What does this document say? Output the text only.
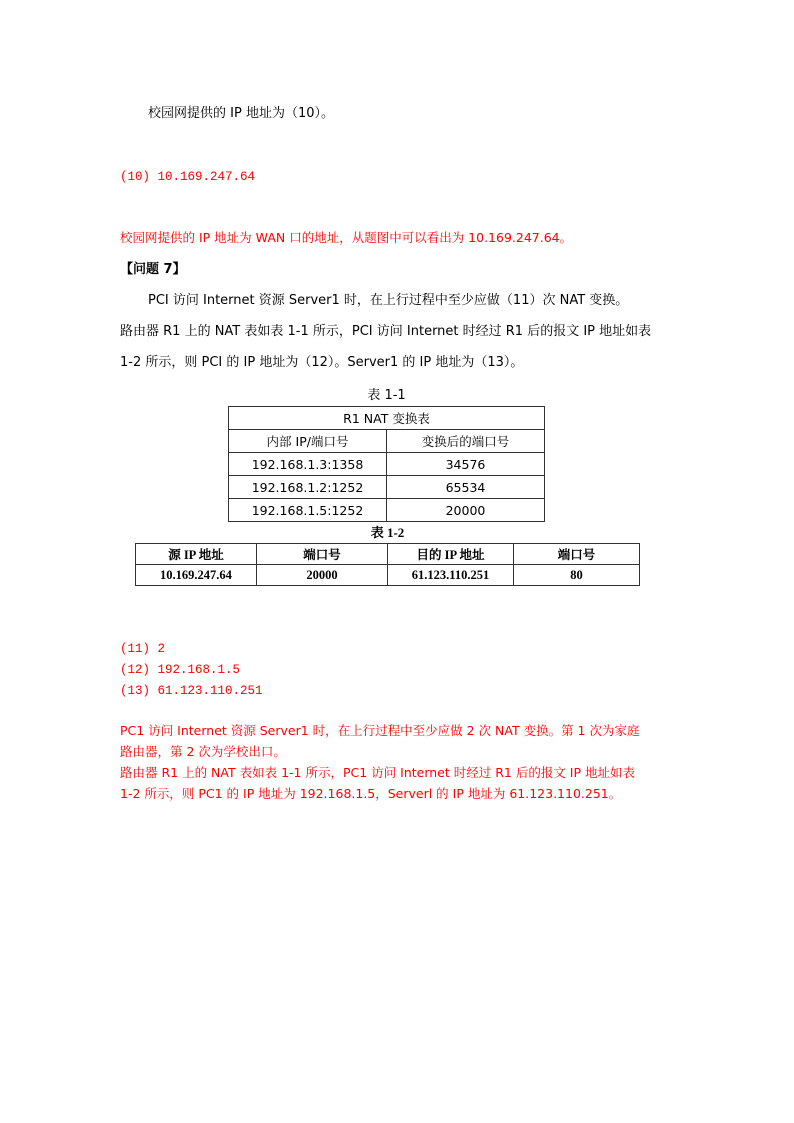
校园网提供的 IP 地址为（10）。
(10) 10.169.247.64
校园网提供的 IP 地址为 WAN 口的地址，从题图中可以看出为 10.169.247.64。
【问题 7】
PCI 访问 Internet 资源 Server1 时，在上行过程中至少应做（11）次 NAT 变换。
路由器 R1 上的 NAT 表如表 1-1 所示，PCI 访问 Internet 时经过 R1 后的报文 IP 地址如表
1-2 所示，则 PCI 的 IP 地址为（12）。Server1 的 IP 地址为（13）。
表 1-1
R1 NAT 变换表	
内部 IP/端口号	变换后的端口号
192.168.1.3:1358	34576
192.168.1.2:1252	65534
192.168.1.5:1252	20000
表 1-2
源 IP 地址	端口号	目的 IP 地址	端口号
10.169.247.64	20000	61.123.110.251	80
(11) 2
(12) 192.168.1.5
(13) 61.123.110.251
PC1 访问 Internet 资源 Server1 时，在上行过程中至少应做 2 次 NAT 变换。第 1 次为家庭
路由器，第 2 次为学校出口。
路由器 R1 上的 NAT 表如表 1-1 所示，PC1 访问 Internet 时经过 R1 后的报文 IP 地址如表
1-2 所示，则 PC1 的 IP 地址为 192.168.1.5，Serverl 的 IP 地址为 61.123.110.251。
